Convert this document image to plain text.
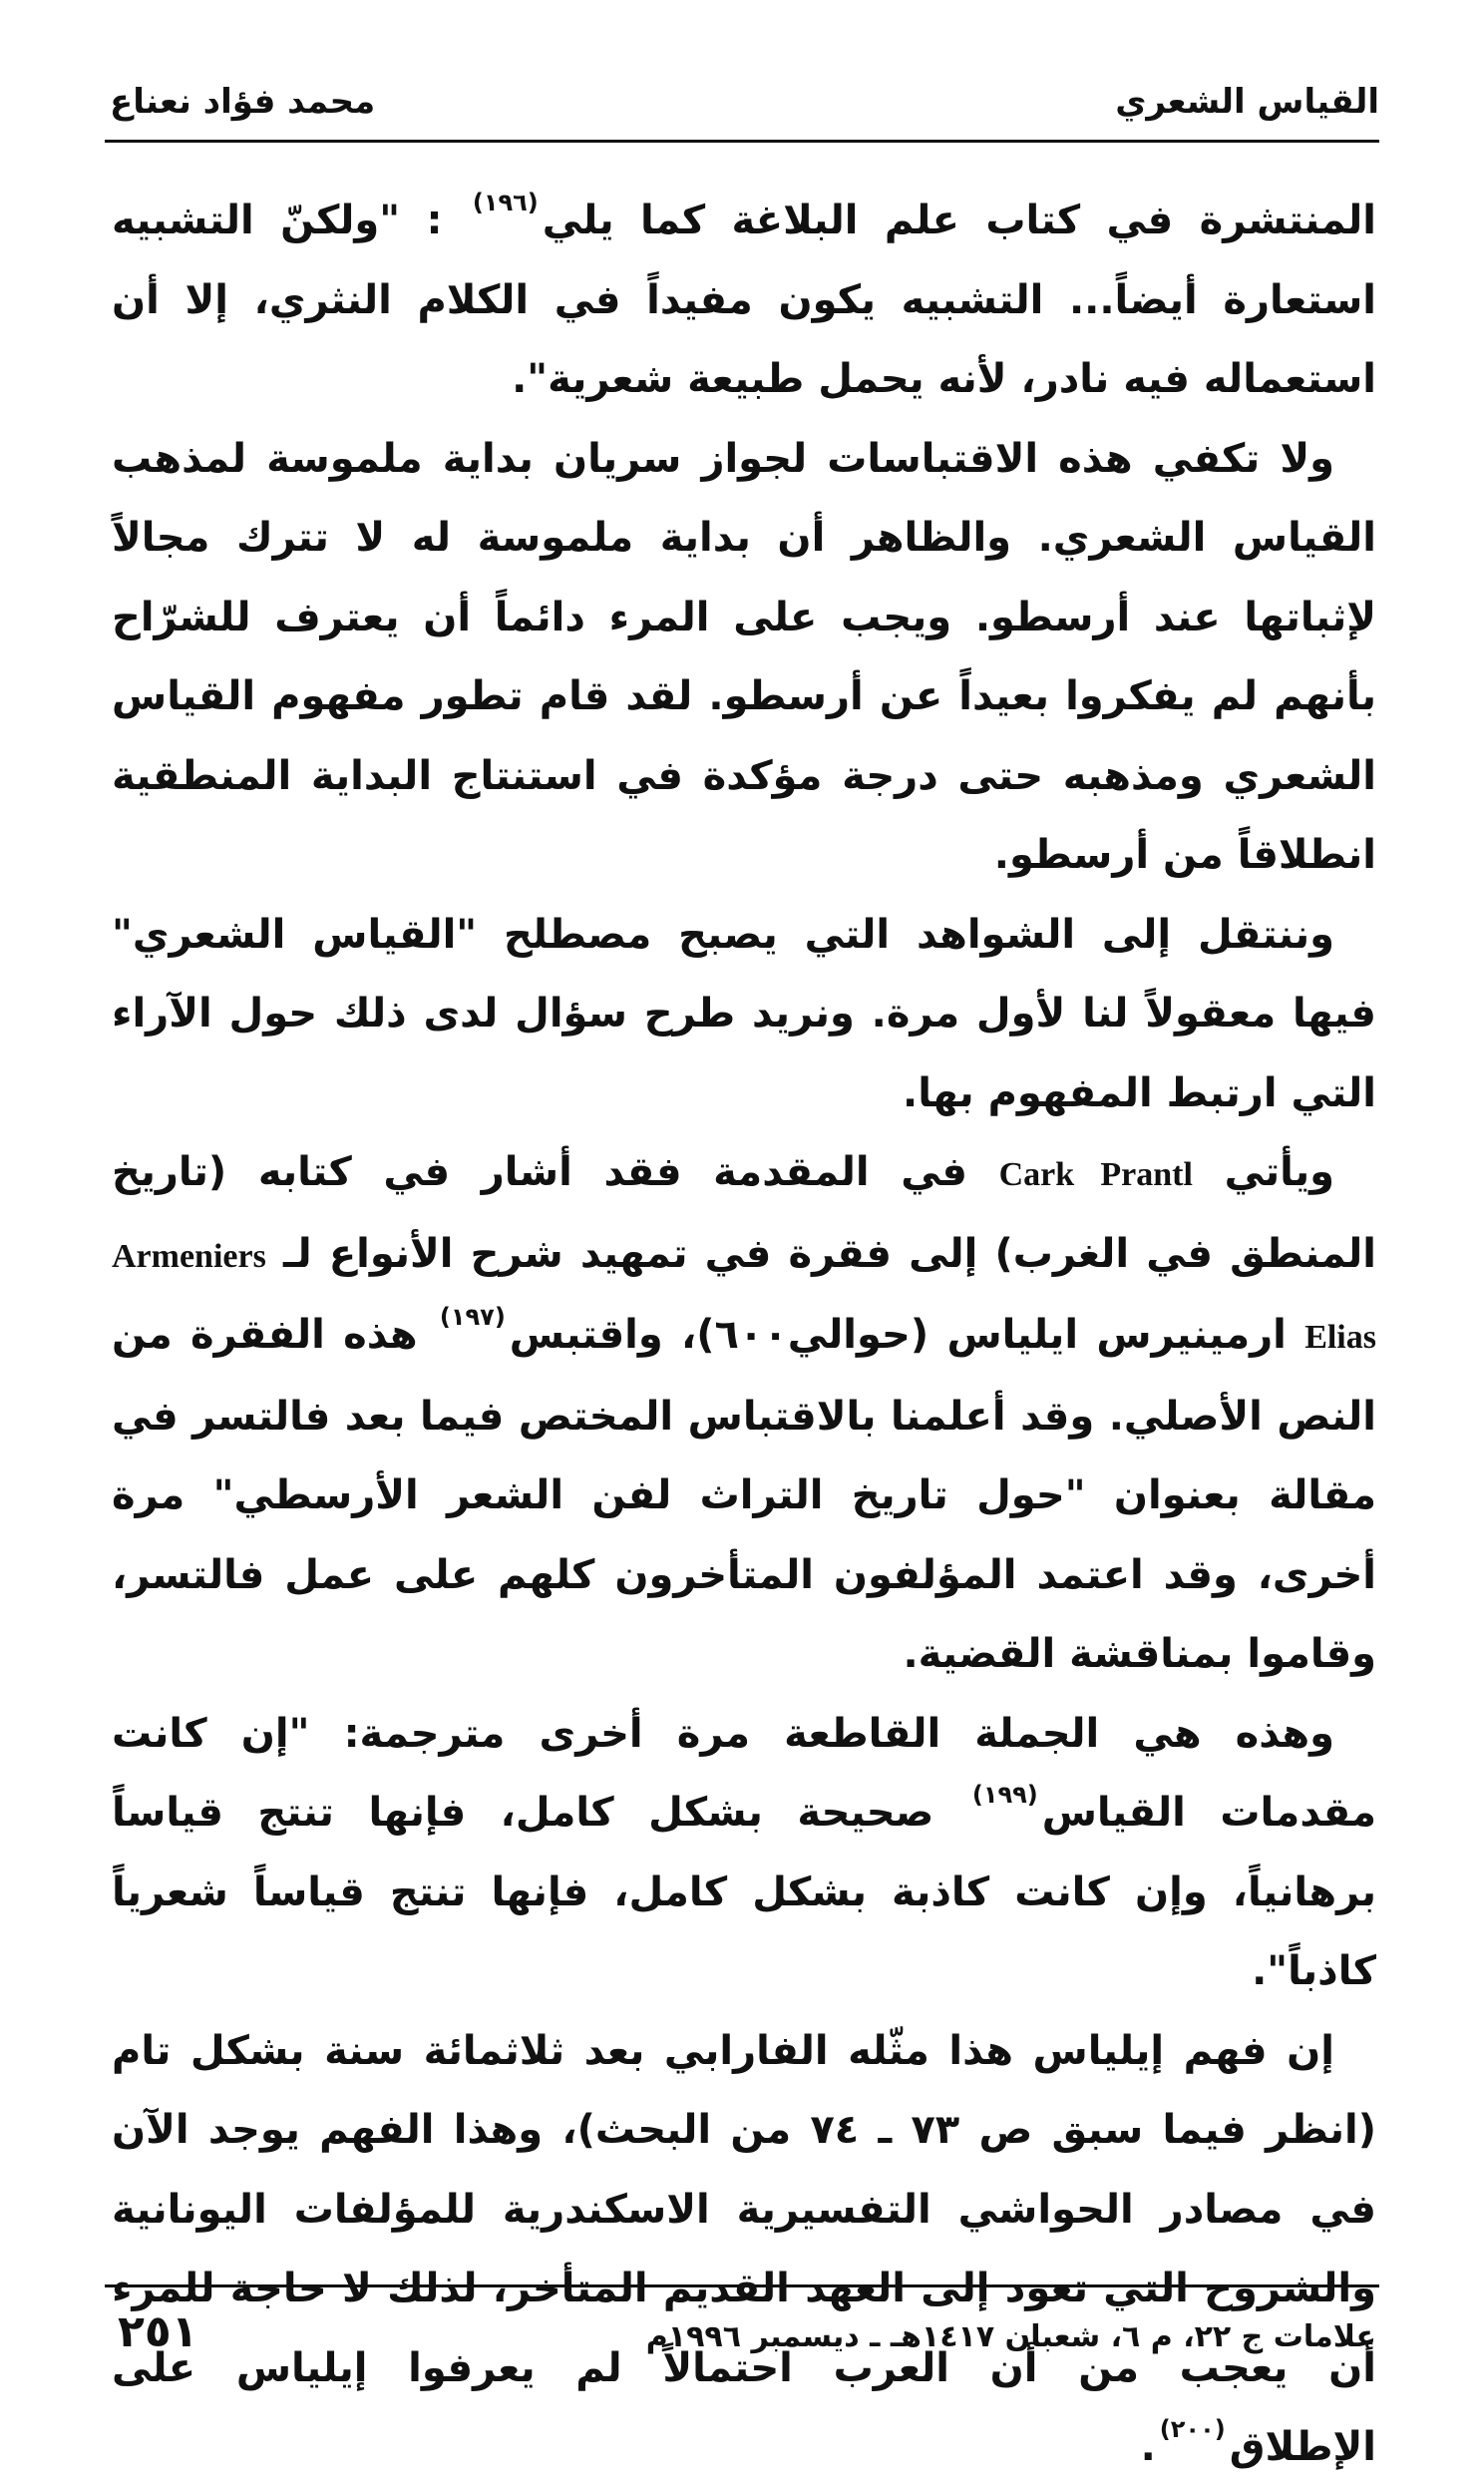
القياس الشعري
محمد فؤاد نعناع

المنتشرة في كتاب علم البلاغة كما يلي$^{(١٩٦)}$ : "ولكنّ التشبيه استعارة أيضاً... التشبيه يكون مفيداً في الكلام النثري، إلا أن استعماله فيه نادر، لأنه يحمل طبيعة شعرية".

ولا تكفي هذه الاقتباسات لجواز سريان بداية ملموسة لمذهب القياس الشعري. والظاهر أن بداية ملموسة له لا تترك مجالاً لإثباتها عند أرسطو. ويجب على المرء دائماً أن يعترف للشرّاح بأنهم لم يفكروا بعيداً عن أرسطو. لقد قام تطور مفهوم القياس الشعري ومذهبه حتى درجة مؤكدة في استنتاج البداية المنطقية انطلاقاً من أرسطو.

وننتقل إلى الشواهد التي يصبح مصطلح "القياس الشعري" فيها معقولاً لنا لأول مرة. ونريد طرح سؤال لدى ذلك حول الآراء التي ارتبط المفهوم بها.

ويأتي Cark Prantl في المقدمة فقد أشار في كتابه (تاريخ المنطق في الغرب) إلى فقرة في تمهيد شرح الأنواع لـ Armeniers Elias ارمينيرس ايلياس (حوالي٦٠٠)، واقتبس$^{(١٩٧)}$ هذه الفقرة من النص الأصلي. وقد أعلمنا بالاقتباس المختص فيما بعد فالتسر في مقالة بعنوان "حول تاريخ التراث لفن الشعر الأرسطي" مرة أخرى، وقد اعتمد المؤلفون المتأخرون كلهم على عمل فالتسر، وقاموا بمناقشة القضية.

وهذه هي الجملة القاطعة مرة أخرى مترجمة: "إن كانت مقدمات القياس$^{(١٩٩)}$ صحيحة بشكل كامل، فإنها تنتج قياساً برهانياً، وإن كانت كاذبة بشكل كامل، فإنها تنتج قياساً شعرياً كاذباً".

إن فهم إيلياس هذا مثّله الفارابي بعد ثلاثمائة سنة بشكل تام (انظر فيما سبق ص ٧٣ ـ ٧٤ من البحث)، وهذا الفهم يوجد الآن في مصادر الحواشي التفسيرية الاسكندرية للمؤلفات اليونانية والشروح التي تعود إلى العهد القديم المتأخر، لذلك لا حاجة للمرء أن يعجب من أن العرب احتمالاً لم يعرفوا إيلياس على الإطلاق$^{(٢٠٠)}$.

علامات ج ٢٢، م ٦، شعبان ١٤١٧هـ ـ ديسمبر ١٩٩٦م
٢٥١
